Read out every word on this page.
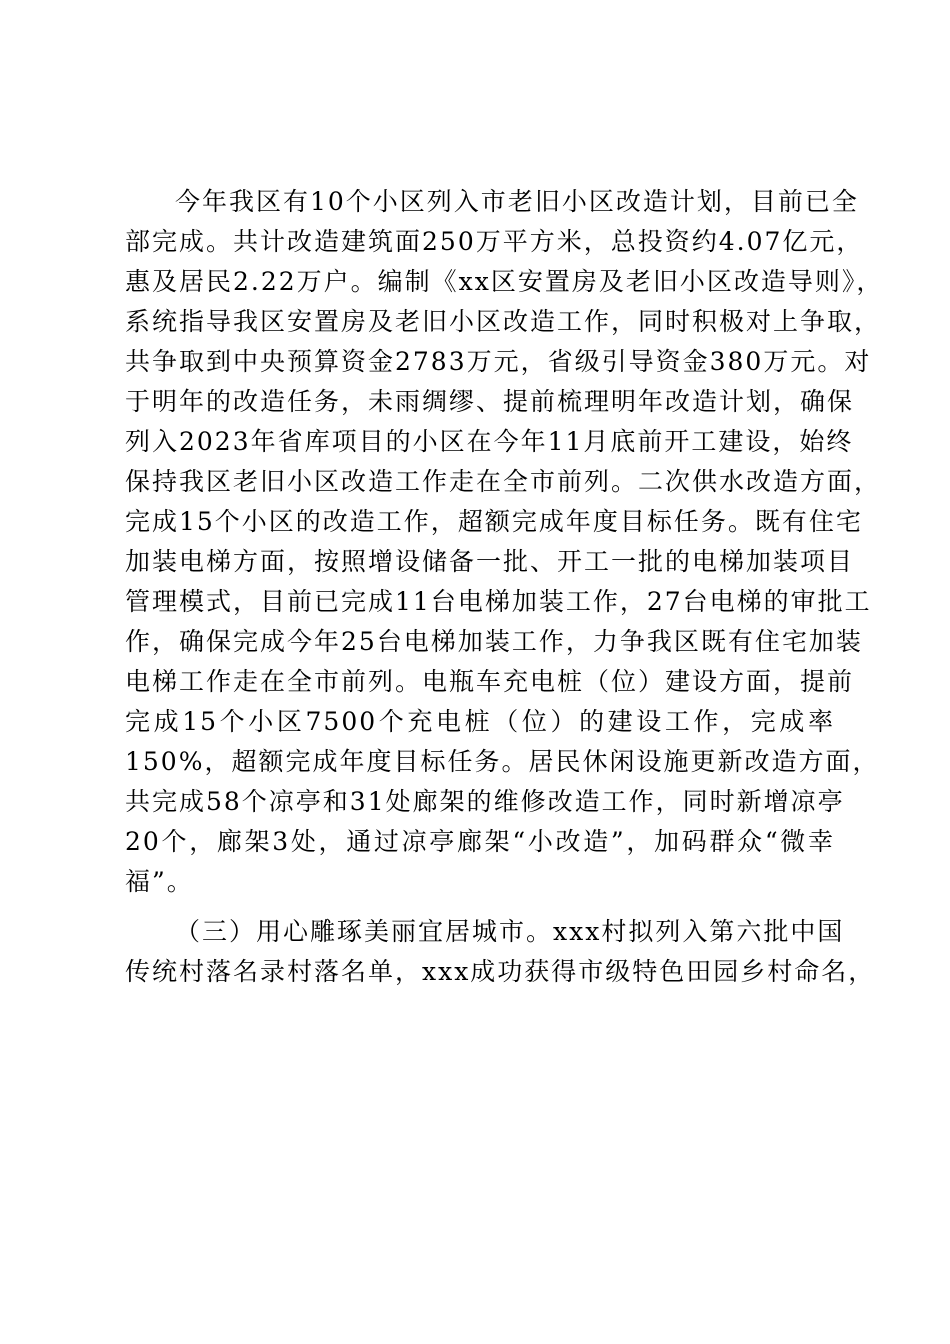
今年我区有10个小区列入市老旧小区改造计划，目前已全
部完成。共计改造建筑面250万平方米，总投资约4.07亿元，
惠及居民2.22万户。编制《xx区安置房及老旧小区改造导则》，
系统指导我区安置房及老旧小区改造工作，同时积极对上争取，
共争取到中央预算资金2783万元，省级引导资金380万元。对
于明年的改造任务，未雨绸缪、提前梳理明年改造计划，确保
列入2023年省库项目的小区在今年11月底前开工建设，始终
保持我区老旧小区改造工作走在全市前列。二次供水改造方面，
完成15个小区的改造工作，超额完成年度目标任务。既有住宅
加装电梯方面，按照增设储备一批、开工一批的电梯加装项目
管理模式，目前已完成11台电梯加装工作，27台电梯的审批工
作，确保完成今年25台电梯加装工作，力争我区既有住宅加装
电梯工作走在全市前列。电瓶车充电桩（位）建设方面，提前
完成15个小区7500个充电桩（位）的建设工作，完成率
150%，超额完成年度目标任务。居民休闲设施更新改造方面，
共完成58个凉亭和31处廊架的维修改造工作，同时新增凉亭
20个，廊架3处，通过凉亭廊架“小改造”，加码群众“微幸
福”。
（三）用心雕琢美丽宜居城市。xxx村拟列入第六批中国
传统村落名录村落名单，xxx成功获得市级特色田园乡村命名，
